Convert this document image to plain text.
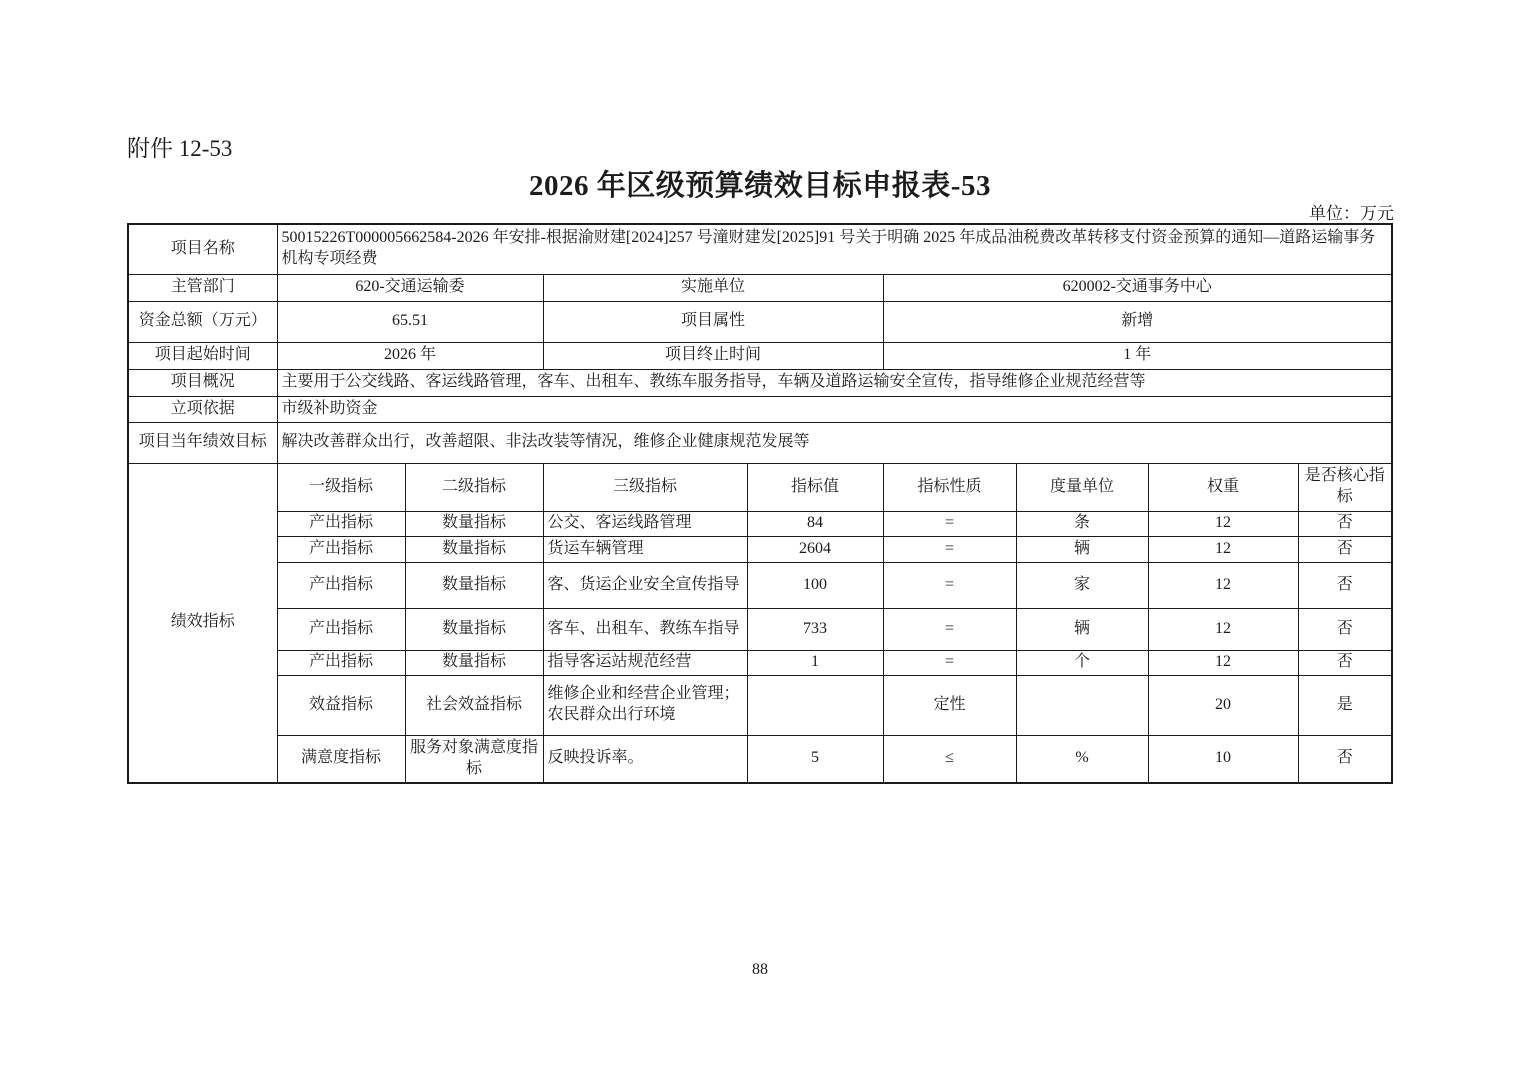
附件 12-53
2026 年区级预算绩效目标申报表-53
单位：万元
项目名称	50015226T000005662584-2026 年安排-根据渝财建[2024]257 号潼财建发[2025]91 号关于明确 2025 年成品油税费改革转移支付资金预算的通知—道路运输事务机构专项经费							
主管部门	620-交通运输委		实施单位		620002-交通事务中心			
资金总额（万元）	65.51		项目属性		新增			
项目起始时间	2026 年		项目终止时间		1 年			
项目概况	主要用于公交线路、客运线路管理，客车、出租车、教练车服务指导，车辆及道路运输安全宣传，指导维修企业规范经营等							
立项依据	市级补助资金							
项目当年绩效目标	解决改善群众出行，改善超限、非法改装等情况，维修企业健康规范发展等							
绩效指标	一级指标	二级指标	三级指标	指标值	指标性质	度量单位	权重	是否核心指标
	产出指标	数量指标	公交、客运线路管理	84	=	条	12	否
	产出指标	数量指标	货运车辆管理	2604	=	辆	12	否
	产出指标	数量指标	客、货运企业安全宣传指导	100	=	家	12	否
	产出指标	数量指标	客车、出租车、教练车指导	733	=	辆	12	否
	产出指标	数量指标	指导客运站规范经营	1	=	个	12	否
	效益指标	社会效益指标	维修企业和经营企业管理；农民群众出行环境		定性		20	是
	满意度指标	服务对象满意度指标	反映投诉率。	5	≤	%	10	否
88
